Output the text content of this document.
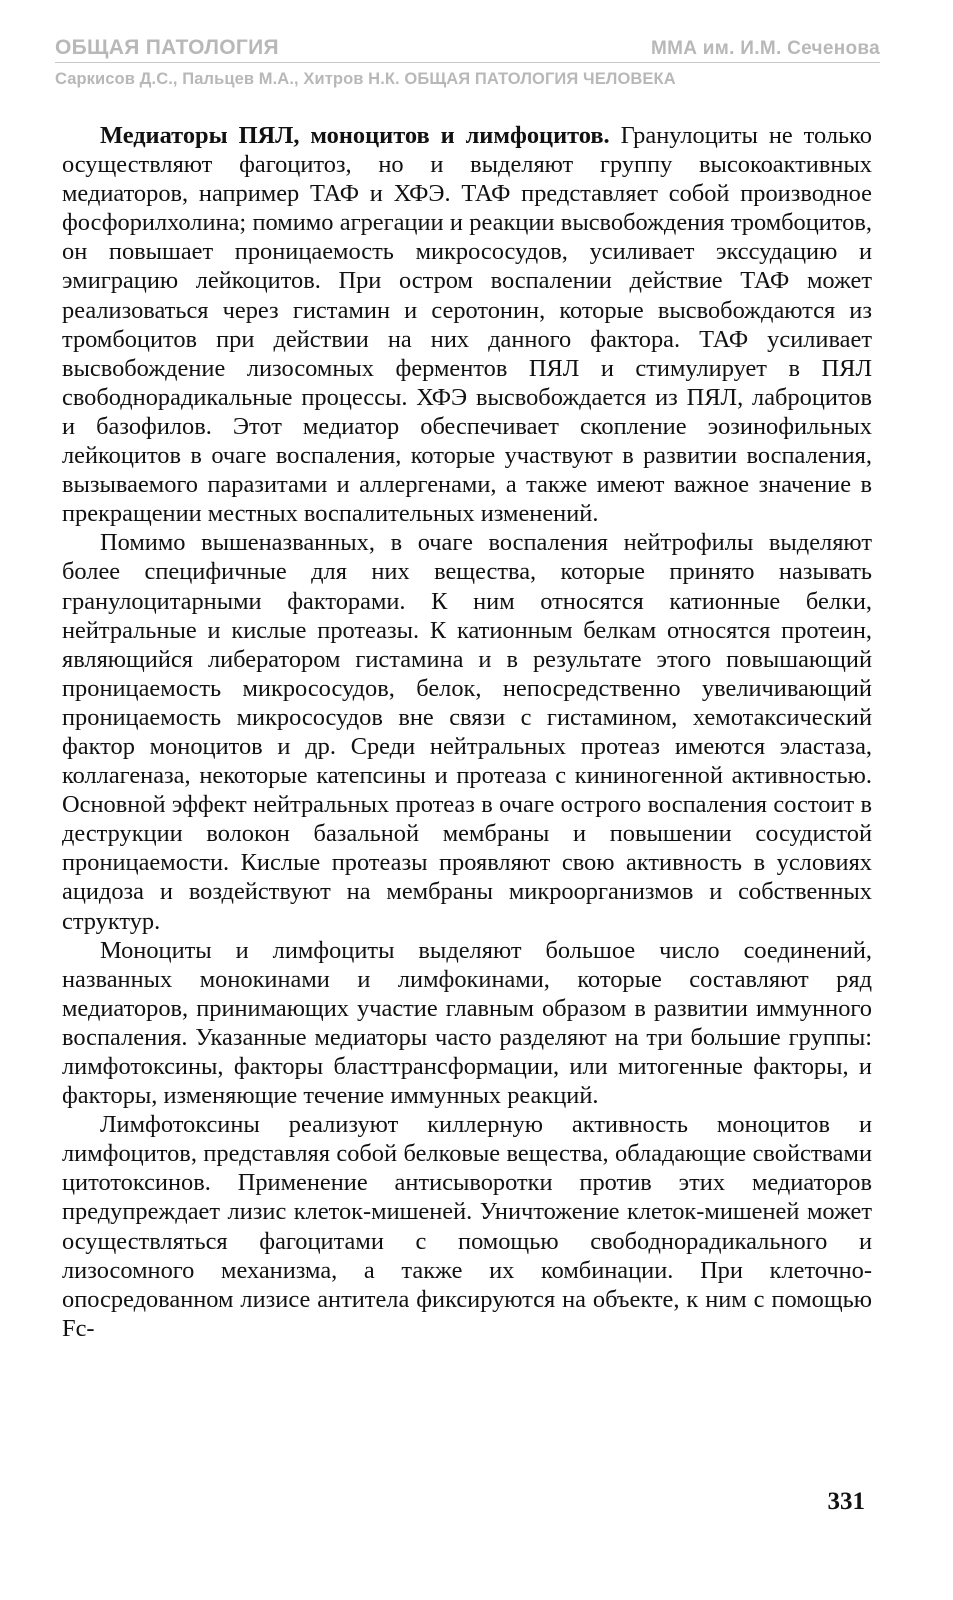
ОБЩАЯ ПАТОЛОГИЯ	ММА им. И.М. Сеченова
Саркисов Д.С., Пальцев М.А., Хитров Н.К. ОБЩАЯ ПАТОЛОГИЯ ЧЕЛОВЕКА

Медиаторы ПЯЛ, моноцитов и лимфоцитов. Гранулоциты не только осуществляют фагоцитоз, но и выделяют группу высокоактивных медиаторов, например ТАФ и ХФЭ. ТАФ представляет собой производное фосфорилхолина; помимо агрегации и реакции высвобождения тромбоцитов, он повышает проницаемость микрососудов, усиливает экссудацию и эмиграцию лейкоцитов. При остром воспалении действие ТАФ может реализоваться через гистамин и серотонин, которые высвобождаются из тромбоцитов при действии на них данного фактора. ТАФ усиливает высвобождение лизосомных ферментов ПЯЛ и стимулирует в ПЯЛ свободнорадикальные процессы. ХФЭ высвобождается из ПЯЛ, лаброцитов и базофилов. Этот медиатор обеспечивает скопление эозинофильных лейкоцитов в очаге воспаления, которые участвуют в развитии воспаления, вызываемого паразитами и аллергенами, а также имеют важное значение в прекращении местных воспалительных изменений.

Помимо вышеназванных, в очаге воспаления нейтрофилы выделяют более специфичные для них вещества, которые принято называть гранулоцитарными факторами. К ним относятся катионные белки, нейтральные и кислые протеазы. К катионным белкам относятся протеин, являющийся либератором гистамина и в результате этого повышающий проницаемость микрососудов, белок, непосредственно увеличивающий проницаемость микрососудов вне связи с гистамином, хемотаксический фактор моноцитов и др. Среди нейтральных протеаз имеются эластаза, коллагеназа, некоторые катепсины и протеаза с кининогенной активностью. Основной эффект нейтральных протеаз в очаге острого воспаления состоит в деструкции волокон базальной мембраны и повышении сосудистой проницаемости. Кислые протеазы проявляют свою активность в условиях ацидоза и воздействуют на мембраны микроорганизмов и собственных структур.

Моноциты и лимфоциты выделяют большое число соединений, названных монокинами и лимфокинами, которые составляют ряд медиаторов, принимающих участие главным образом в развитии иммунного воспаления. Указанные медиаторы часто разделяют на три большие группы: лимфотоксины, факторы бласттрансформации, или митогенные факторы, и факторы, изменяющие течение иммунных реакций.

Лимфотоксины реализуют киллерную активность моноцитов и лимфоцитов, представляя собой белковые вещества, обладающие свойствами цитотоксинов. Применение антисыворотки против этих медиаторов предупреждает лизис клеток-мишеней. Уничтожение клеток-мишеней может осуществляться фагоцитами с помощью свободнорадикального и лизосомного механизма, а также их комбинации. При клеточно-опосредованном лизисе антитела фиксируются на объекте, к ним с помощью Fc-

331
